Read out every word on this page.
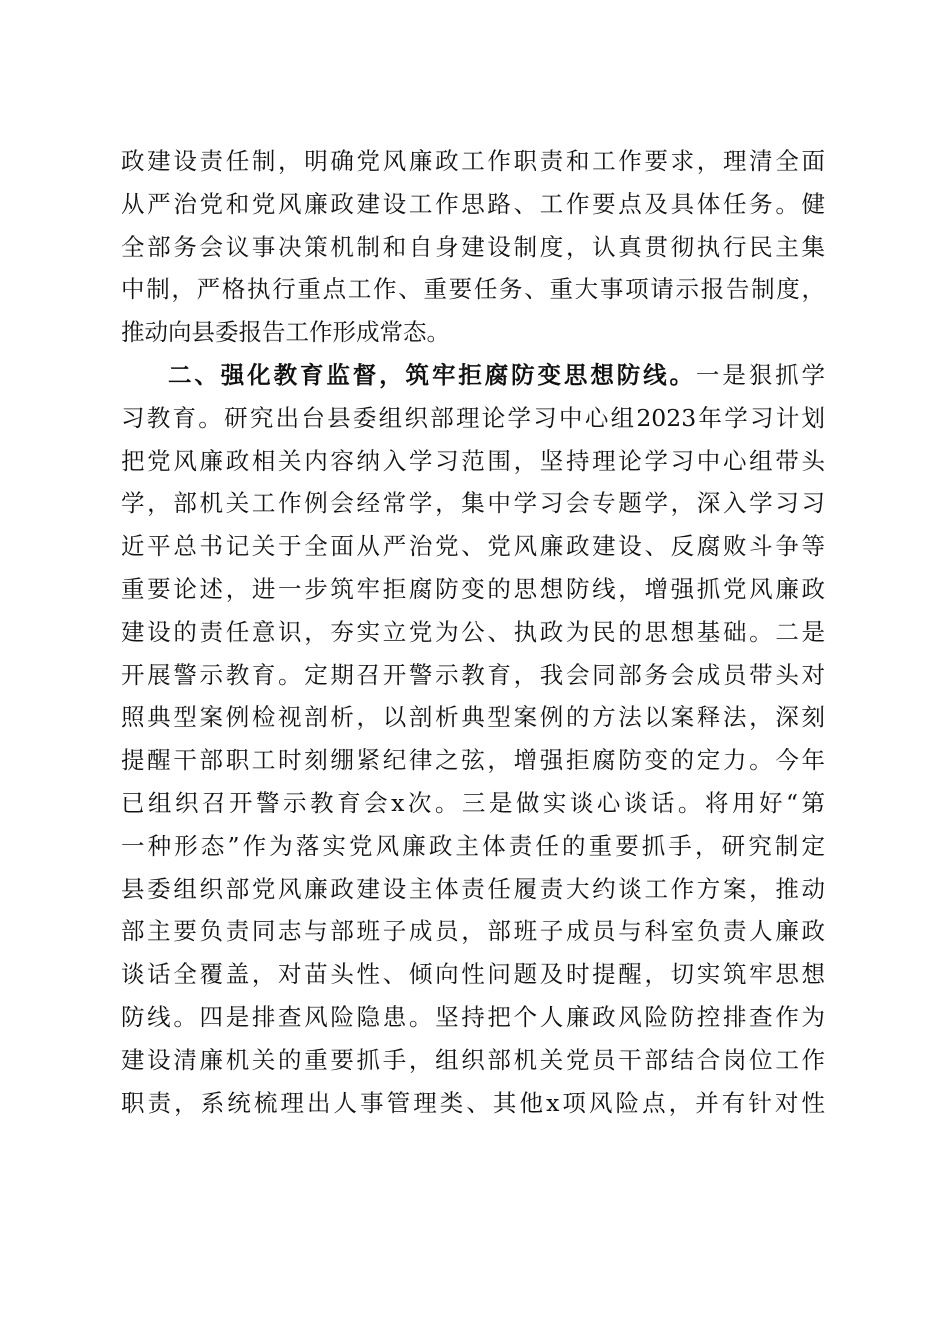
政建设责任制，明确党风廉政工作职责和工作要求，理清全面
从严治党和党风廉政建设工作思路、工作要点及具体任务。健
全部务会议事决策机制和自身建设制度，认真贯彻执行民主集
中制，严格执行重点工作、重要任务、重大事项请示报告制度，
推动向县委报告工作形成常态。
二、强化教育监督，筑牢拒腐防变思想防线。一是狠抓学
习教育。研究出台县委组织部理论学习中心组2023年学习计划
把党风廉政相关内容纳入学习范围，坚持理论学习中心组带头
学，部机关工作例会经常学，集中学习会专题学，深入学习习
近平总书记关于全面从严治党、党风廉政建设、反腐败斗争等
重要论述，进一步筑牢拒腐防变的思想防线，增强抓党风廉政
建设的责任意识，夯实立党为公、执政为民的思想基础。二是
开展警示教育。定期召开警示教育，我会同部务会成员带头对
照典型案例检视剖析，以剖析典型案例的方法以案释法，深刻
提醒干部职工时刻绷紧纪律之弦，增强拒腐防变的定力。今年
已组织召开警示教育会x次。三是做实谈心谈话。将用好“第
一种形态”作为落实党风廉政主体责任的重要抓手，研究制定
县委组织部党风廉政建设主体责任履责大约谈工作方案，推动
部主要负责同志与部班子成员，部班子成员与科室负责人廉政
谈话全覆盖，对苗头性、倾向性问题及时提醒，切实筑牢思想
防线。四是排查风险隐患。坚持把个人廉政风险防控排查作为
建设清廉机关的重要抓手，组织部机关党员干部结合岗位工作
职责，系统梳理出人事管理类、其他x项风险点，并有针对性
